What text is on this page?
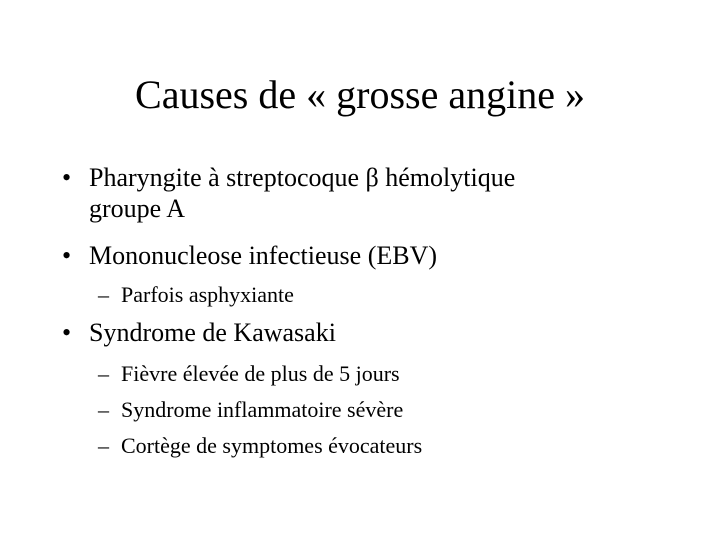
Causes de « grosse angine »
• Pharyngite à streptocoque β hémolytique
groupe A
• Mononucleose infectieuse (EBV)
– Parfois asphyxiante
• Syndrome de Kawasaki
– Fièvre élevée de plus de 5 jours
– Syndrome inflammatoire sévère
– Cortège de symptomes évocateurs
